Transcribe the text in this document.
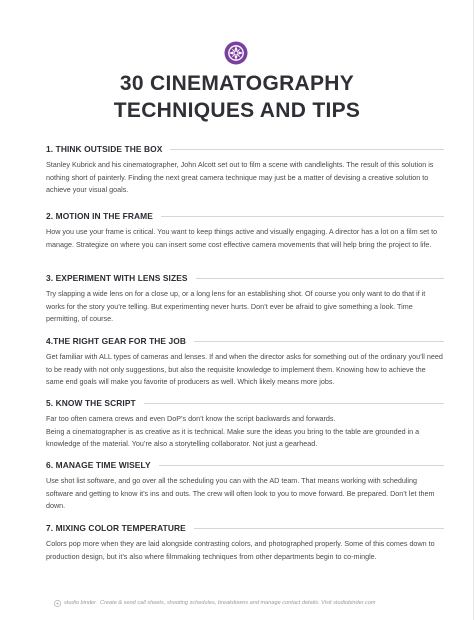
30 CINEMATOGRAPHY
TECHNIQUES AND TIPS
1. THINK OUTSIDE THE BOX

Stanley Kubrick and his cinematographer, John Alcott set out to film a scene with candlelights. The result of this solution is nothing short of painterly. Finding the next great camera technique may just be a matter of devising a creative solution to achieve your visual goals.

2. MOTION IN THE FRAME

How you use your frame is critical. You want to keep things active and visually engaging. A director has a lot on a film set to manage. Strategize on where you can insert some cost effective camera movements that will help bring the project to life.

3. EXPERIMENT WITH LENS SIZES

Try slapping a wide lens on for a close up, or a long lens for an establishing shot. Of course you only want to do that if it works for the story you’re telling. But experimenting never hurts. Don’t ever be afraid to give something a look. Time permitting, of course.

4.THE RIGHT GEAR FOR THE JOB

Get familiar with ALL types of cameras and lenses. If and when the director asks for something out of the ordinary you’ll need to be ready with not only suggestions, but also the requisite knowledge to implement them. Knowing how to achieve the same end goals will make you favorite of producers as well. Which likely means more jobs.

5. KNOW THE SCRIPT

Far too often camera crews and even DoP’s don’t know the script backwards and forwards.

Being a cinematographer is as creative as it is technical. Make sure the ideas you bring to the table are grounded in a knowledge of the material. You’re also a storytelling collaborator. Not just a gearhead.

6. MANAGE TIME WISELY

Use shot list software, and go over all the scheduling you can with the AD team. That means working with scheduling software and getting to know it’s ins and outs. The crew will often look to you to move forward. Be prepared. Don’t let them down.

7. MIXING COLOR TEMPERATURE

Colors pop more when they are laid alongside contrasting colors, and photographed properly. Some of this comes down to production design, but it’s also where filmmaking techniques from other departments begin to co-mingle.

studio binder Create & send call sheets, shooting schedules, breakdowns and manage contact details. Visit studiobinder.com
